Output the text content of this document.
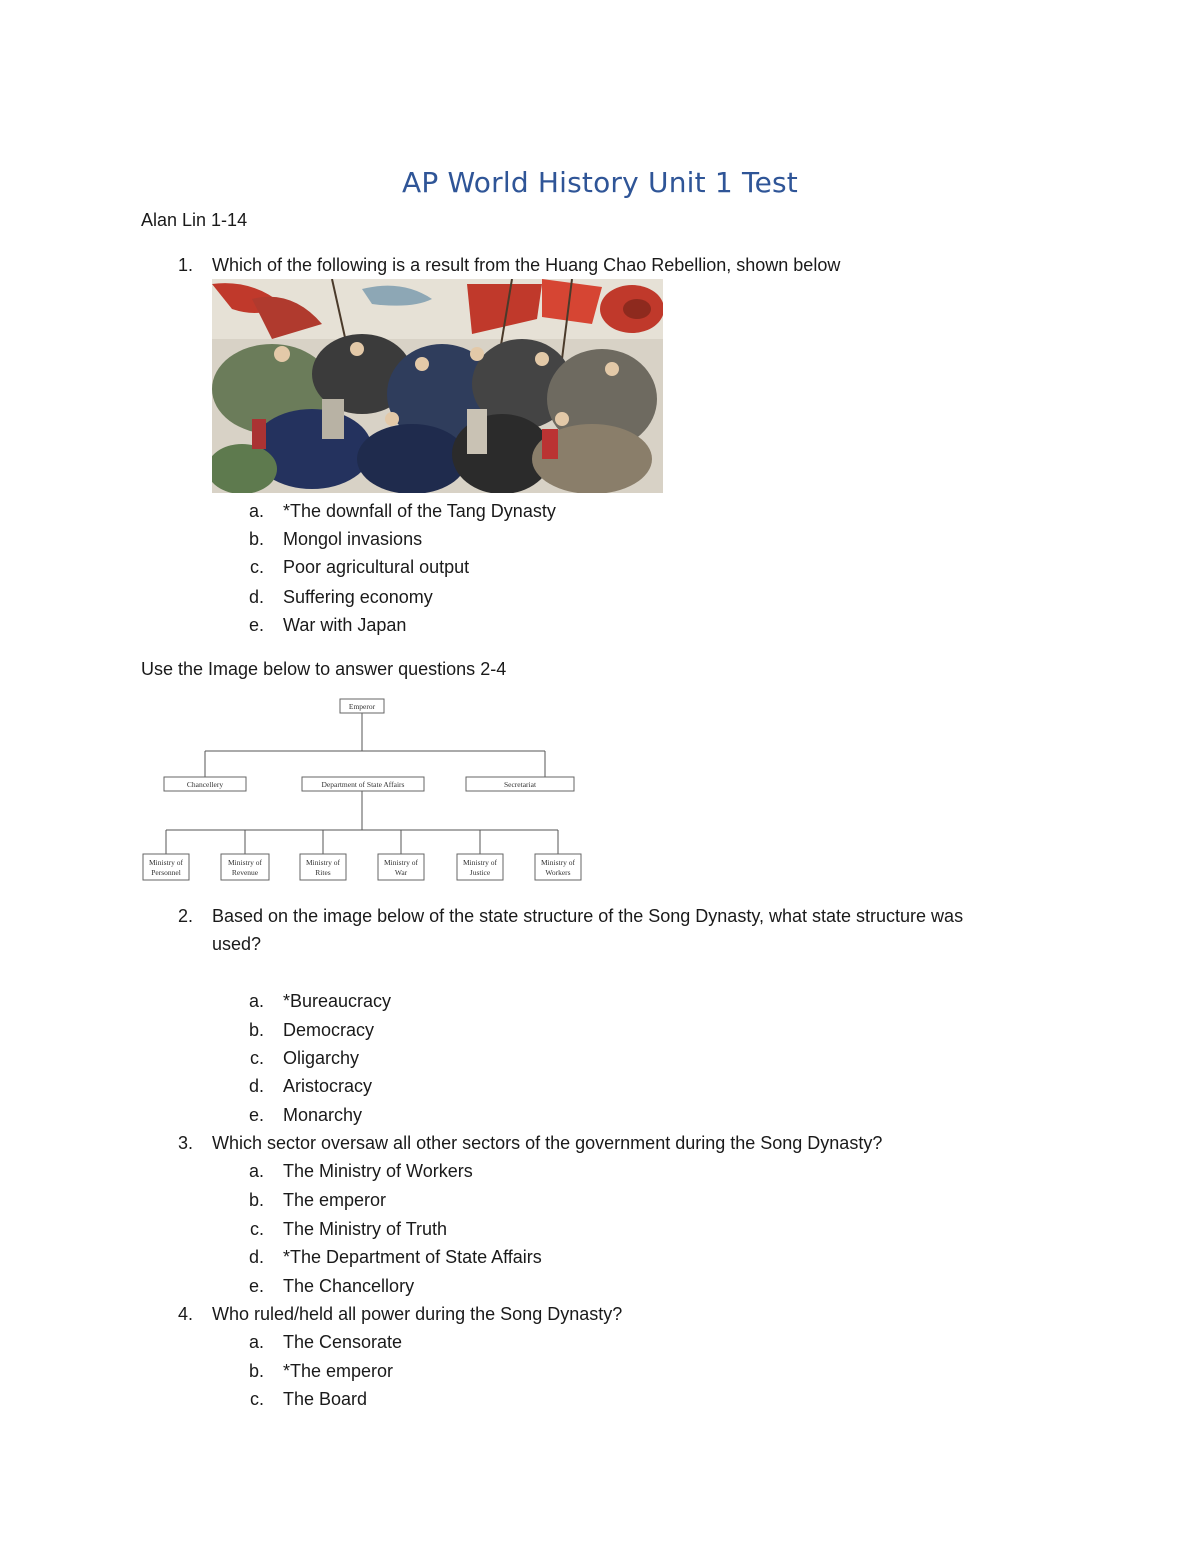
AP World History Unit 1 Test
Alan Lin 1-14
1. Which of the following is a result from the Huang Chao Rebellion, shown below
a. *The downfall of the Tang Dynasty
b. Mongol invasions
c. Poor agricultural output
d. Suffering economy
e. War with Japan
Use the Image below to answer questions 2-4
Emperor
Chancellery	Department of State Affairs	Secretariat
Ministry of
Personnel
Ministry of
Revenue
Ministry of
Rites
Ministry of
War
Ministry of
Justice
Ministry of
Workers
2. Based on the image below of the state structure of the Song Dynasty, what state structure was
used?
a. *Bureaucracy
b. Democracy
c. Oligarchy
d. Aristocracy
e. Monarchy
3. Which sector oversaw all other sectors of the government during the Song Dynasty?
a. The Ministry of Workers
b. The emperor
c. The Ministry of Truth
d. *The Department of State Affairs
e. The Chancellory
4. Who ruled/held all power during the Song Dynasty?
a. The Censorate
b. *The emperor
c. The Board
